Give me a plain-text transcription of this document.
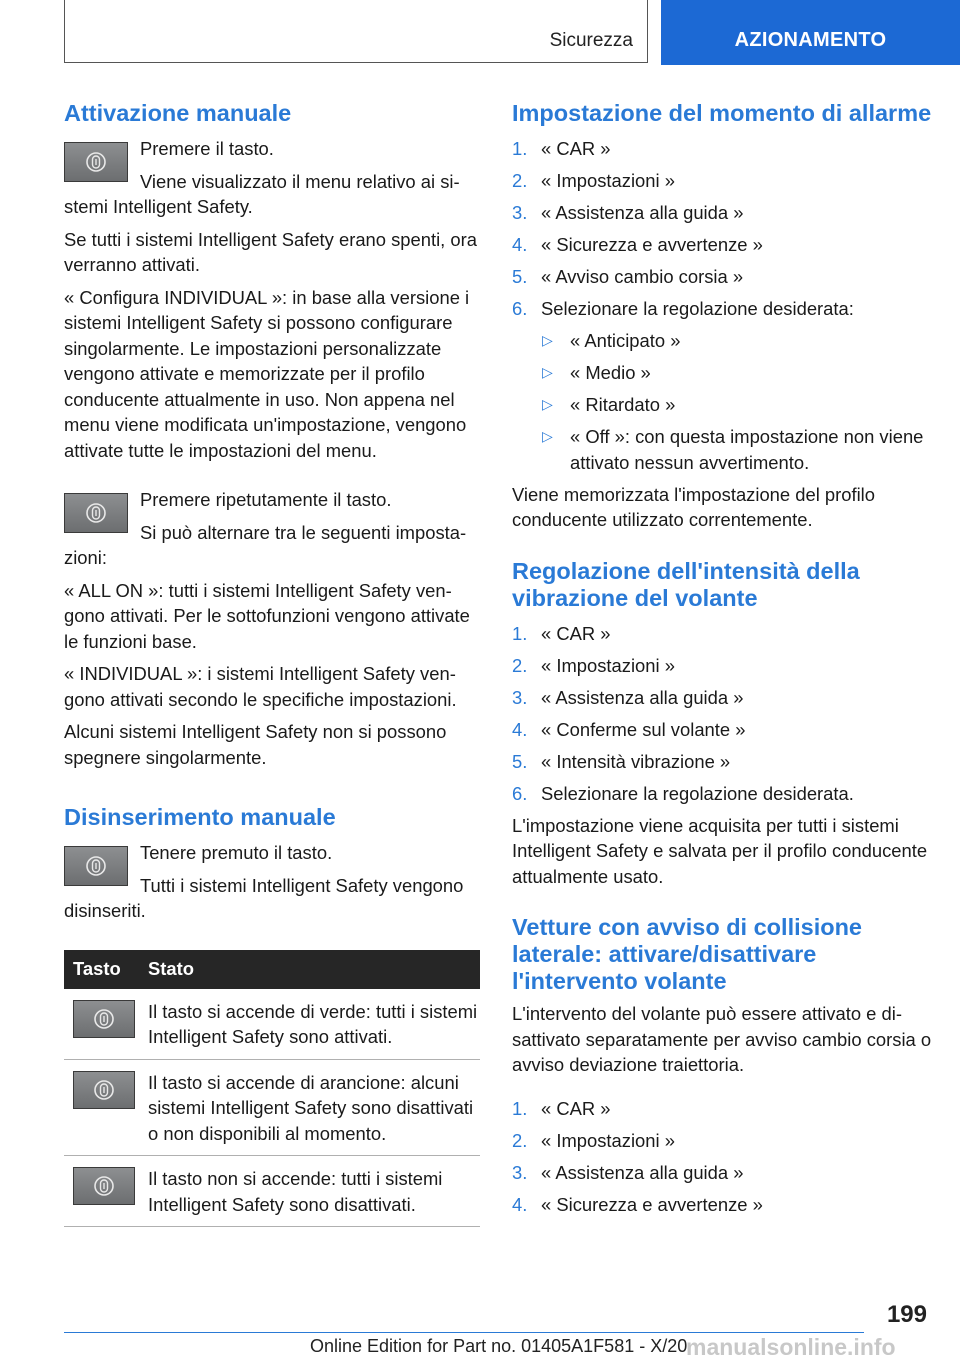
Sicurezza	AZIONAMENTO
Attivazione manuale

Premere il tasto.

Viene visualizzato il menu relativo ai sistemi Intelligent Safety.

Se tutti i sistemi Intelligent Safety erano spenti, ora verranno attivati.

« Configura INDIVIDUAL »: in base alla versione i sistemi Intelligent Safety si possono configurare singolarmente. Le impostazioni personalizzate vengono attivate e memorizzate per il profilo conducente attualmente in uso. Non appena nel menu viene modificata un'impostazione, vengono attivate tutte le impostazioni del menu.

Premere ripetutamente il tasto.

Si può alternare tra le seguenti impostazioni:

« ALL ON »: tutti i sistemi Intelligent Safety vengono attivati. Per le sottofunzioni vengono attivate le funzioni base.

« INDIVIDUAL »: i sistemi Intelligent Safety vengono attivati secondo le specifiche impostazioni.

Alcuni sistemi Intelligent Safety non si possono spegnere singolarmente.

Disinserimento manuale

Tenere premuto il tasto.

Tutti i sistemi Intelligent Safety vengono disinseriti.

Tasto	Stato

	Il tasto si accende di verde: tutti i sistemi Intelligent Safety sono attivati.

	Il tasto si accende di arancione: alcuni sistemi Intelligent Safety sono disattivati o non disponibili al momento.

	Il tasto non si accende: tutti i sistemi Intelligent Safety sono disattivati.
Impostazione del momento di allarme
1. « CAR »
2. « Impostazioni »
3. « Assistenza alla guida »
4. « Sicurezza e avvertenze »
5. « Avviso cambio corsia »
6. Selezionare la regolazione desiderata:
▷ « Anticipato »
▷ « Medio »
▷ « Ritardato »
▷ « Off »: con questa impostazione non viene attivato nessun avvertimento.

Viene memorizzata l'impostazione del profilo conducente utilizzato correntemente.

Regolazione dell'intensità della vibrazione del volante
1. « CAR »
2. « Impostazioni »
3. « Assistenza alla guida »
4. « Conferme sul volante »
5. « Intensità vibrazione »
6. Selezionare la regolazione desiderata.

L'impostazione viene acquisita per tutti i sistemi Intelligent Safety e salvata per il profilo conducente attualmente usato.

Vetture con avviso di collisione laterale: attivare/disattivare l'intervento volante

L'intervento del volante può essere attivato e disattivato separatamente per avviso cambio corsia o avviso deviazione traiettoria.

1. « CAR »
2. « Impostazioni »
3. « Assistenza alla guida »
4. « Sicurezza e avvertenze »
199
Online Edition for Part no. 01405A1F581 - X/20
manualsonline.info
